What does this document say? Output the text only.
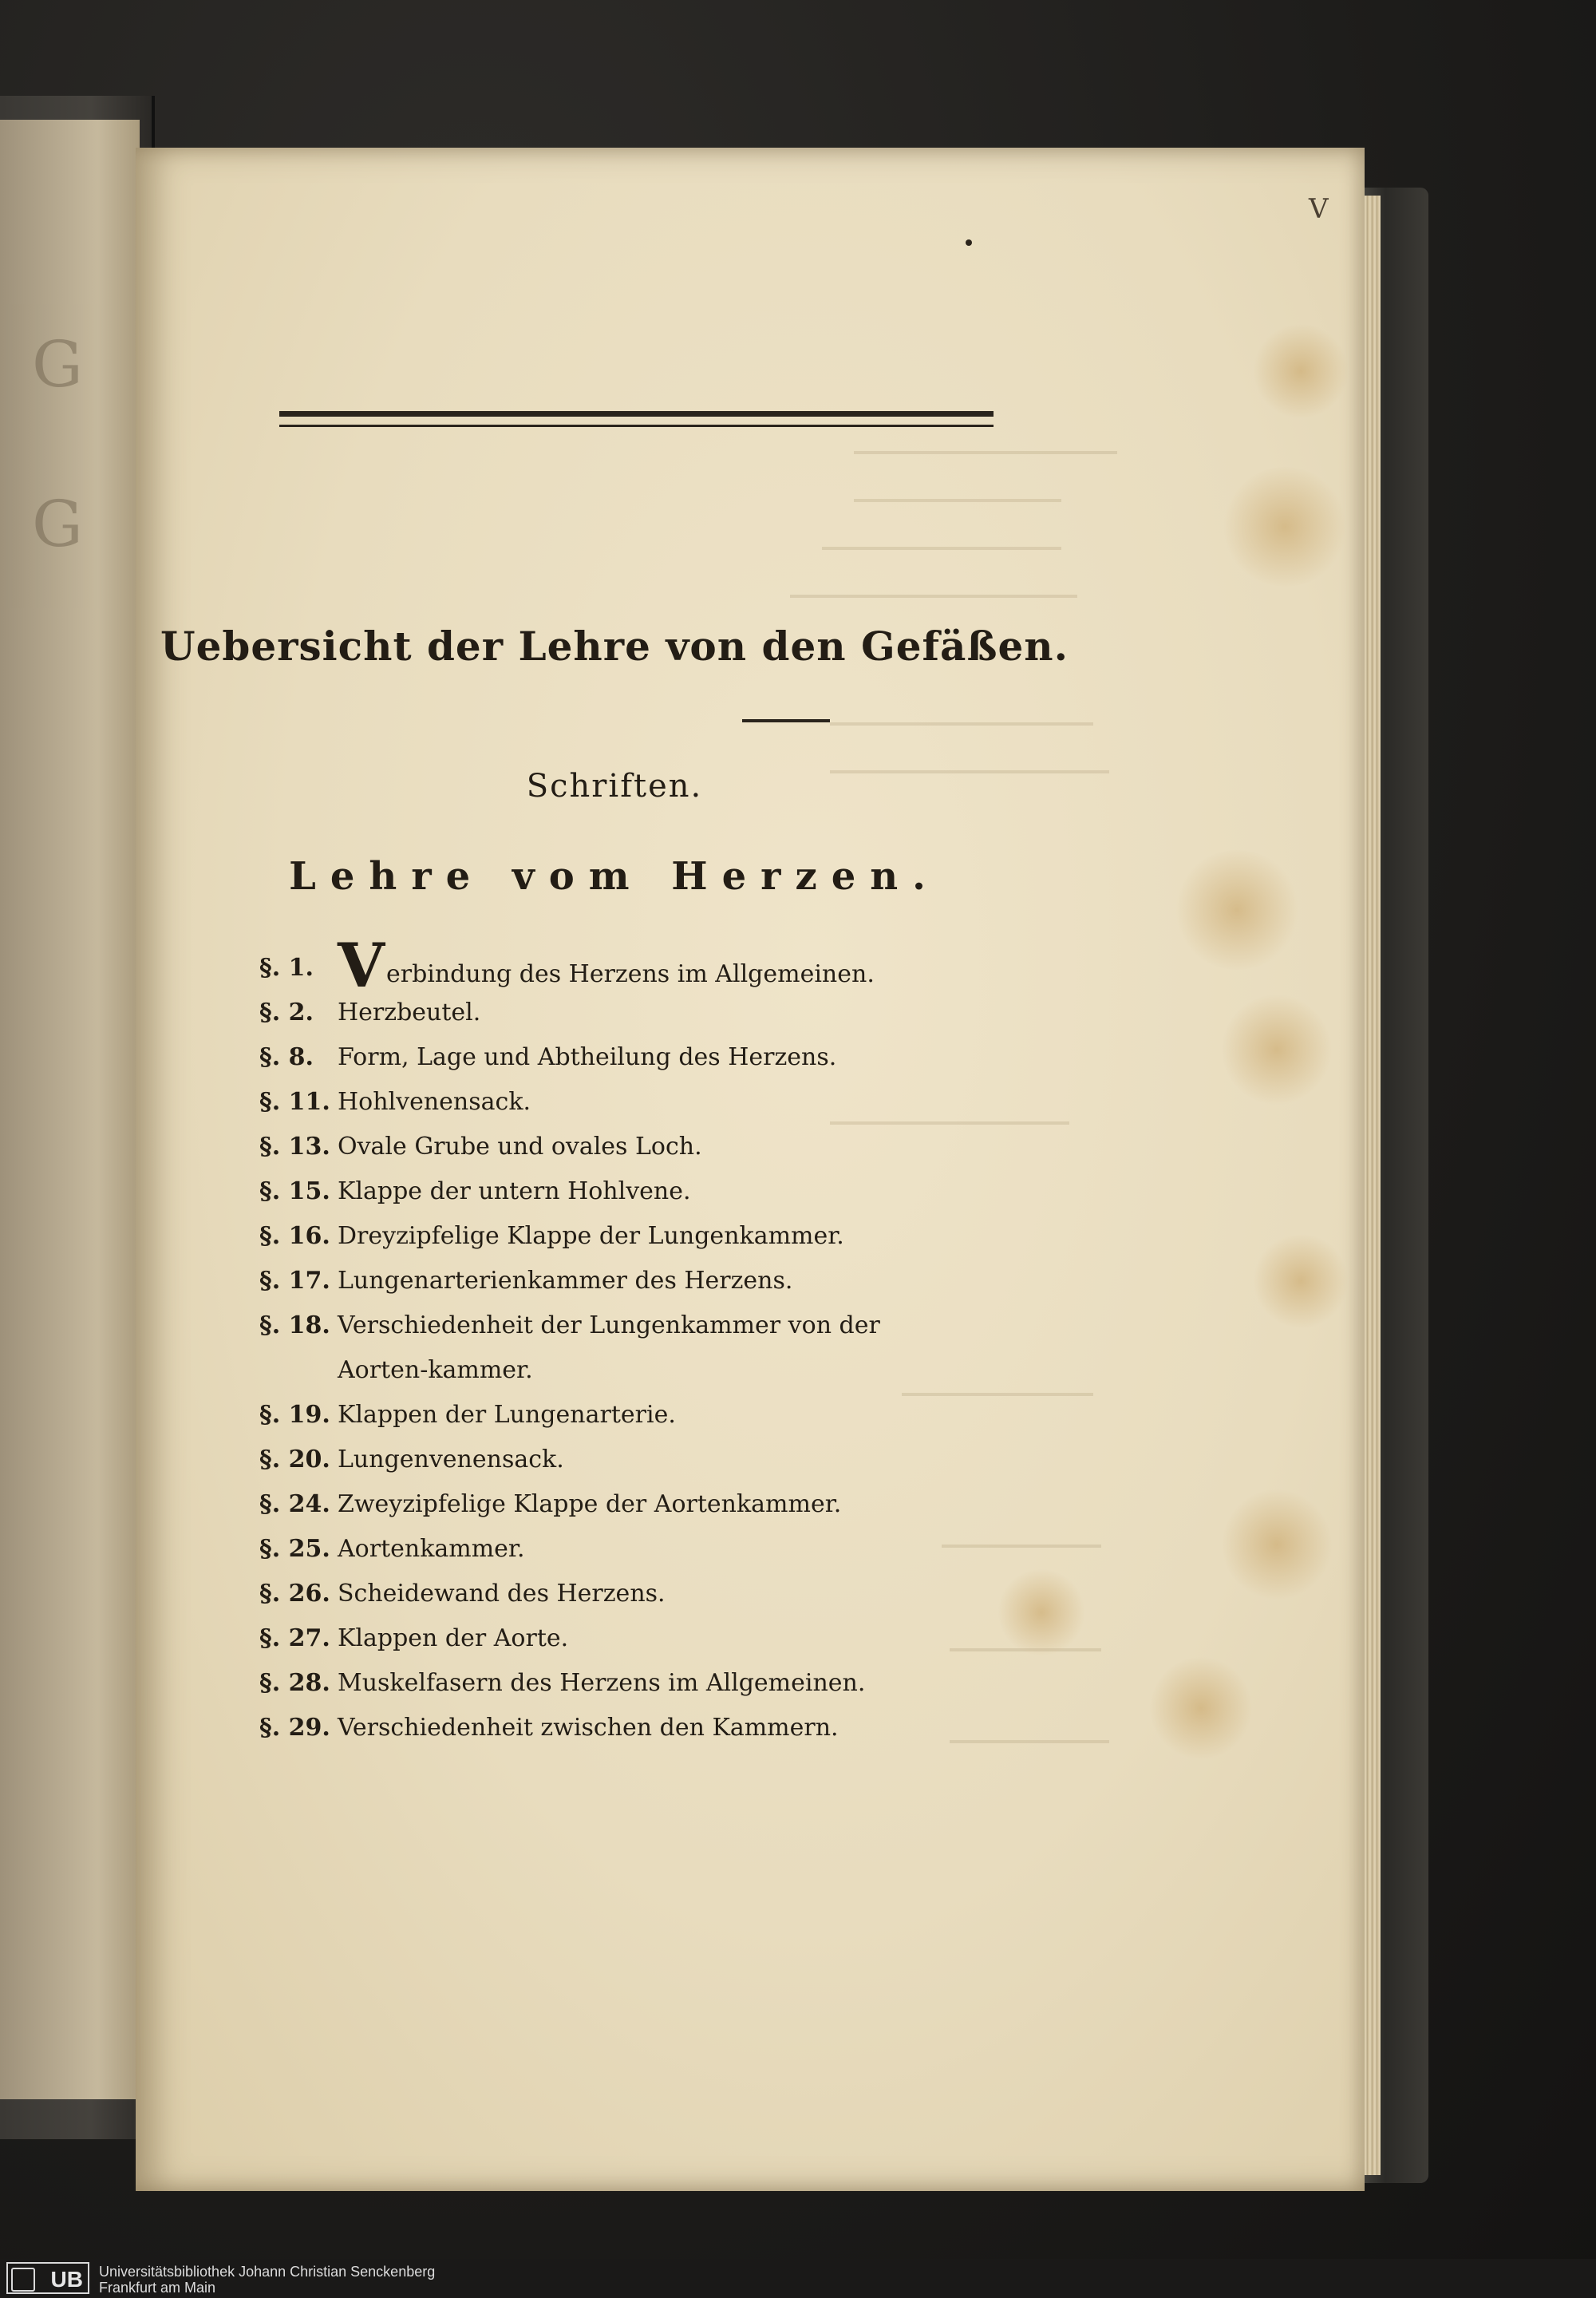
G
G
V
Uebersicht der Lehre von den Gefäßen.
Schriften.
Lehre vom Herzen.
§. 1. Verbindung des Herzens im Allgemeinen.
§. 2. Herzbeutel.
§. 8. Form, Lage und Abtheilung des Herzens.
§. 11. Hohlvenensack.
§. 13. Ovale Grube und ovales Loch.
§. 15. Klappe der untern Hohlvene.
§. 16. Dreyzipfelige Klappe der Lungenkammer.
§. 17. Lungenarterienkammer des Herzens.
§. 18. Verschiedenheit der Lungenkammer von der Aorten-kammer.
§. 19. Klappen der Lungenarterie.
§. 20. Lungenvenensack.
§. 24. Zweyzipfelige Klappe der Aortenkammer.
§. 25. Aortenkammer.
§. 26. Scheidewand des Herzens.
§. 27. Klappen der Aorte.
§. 28. Muskelfasern des Herzens im Allgemeinen.
§. 29. Verschiedenheit zwischen den Kammern.
UB	Universitätsbibliothek Johann Christian Senckenberg
Frankfurt am Main
